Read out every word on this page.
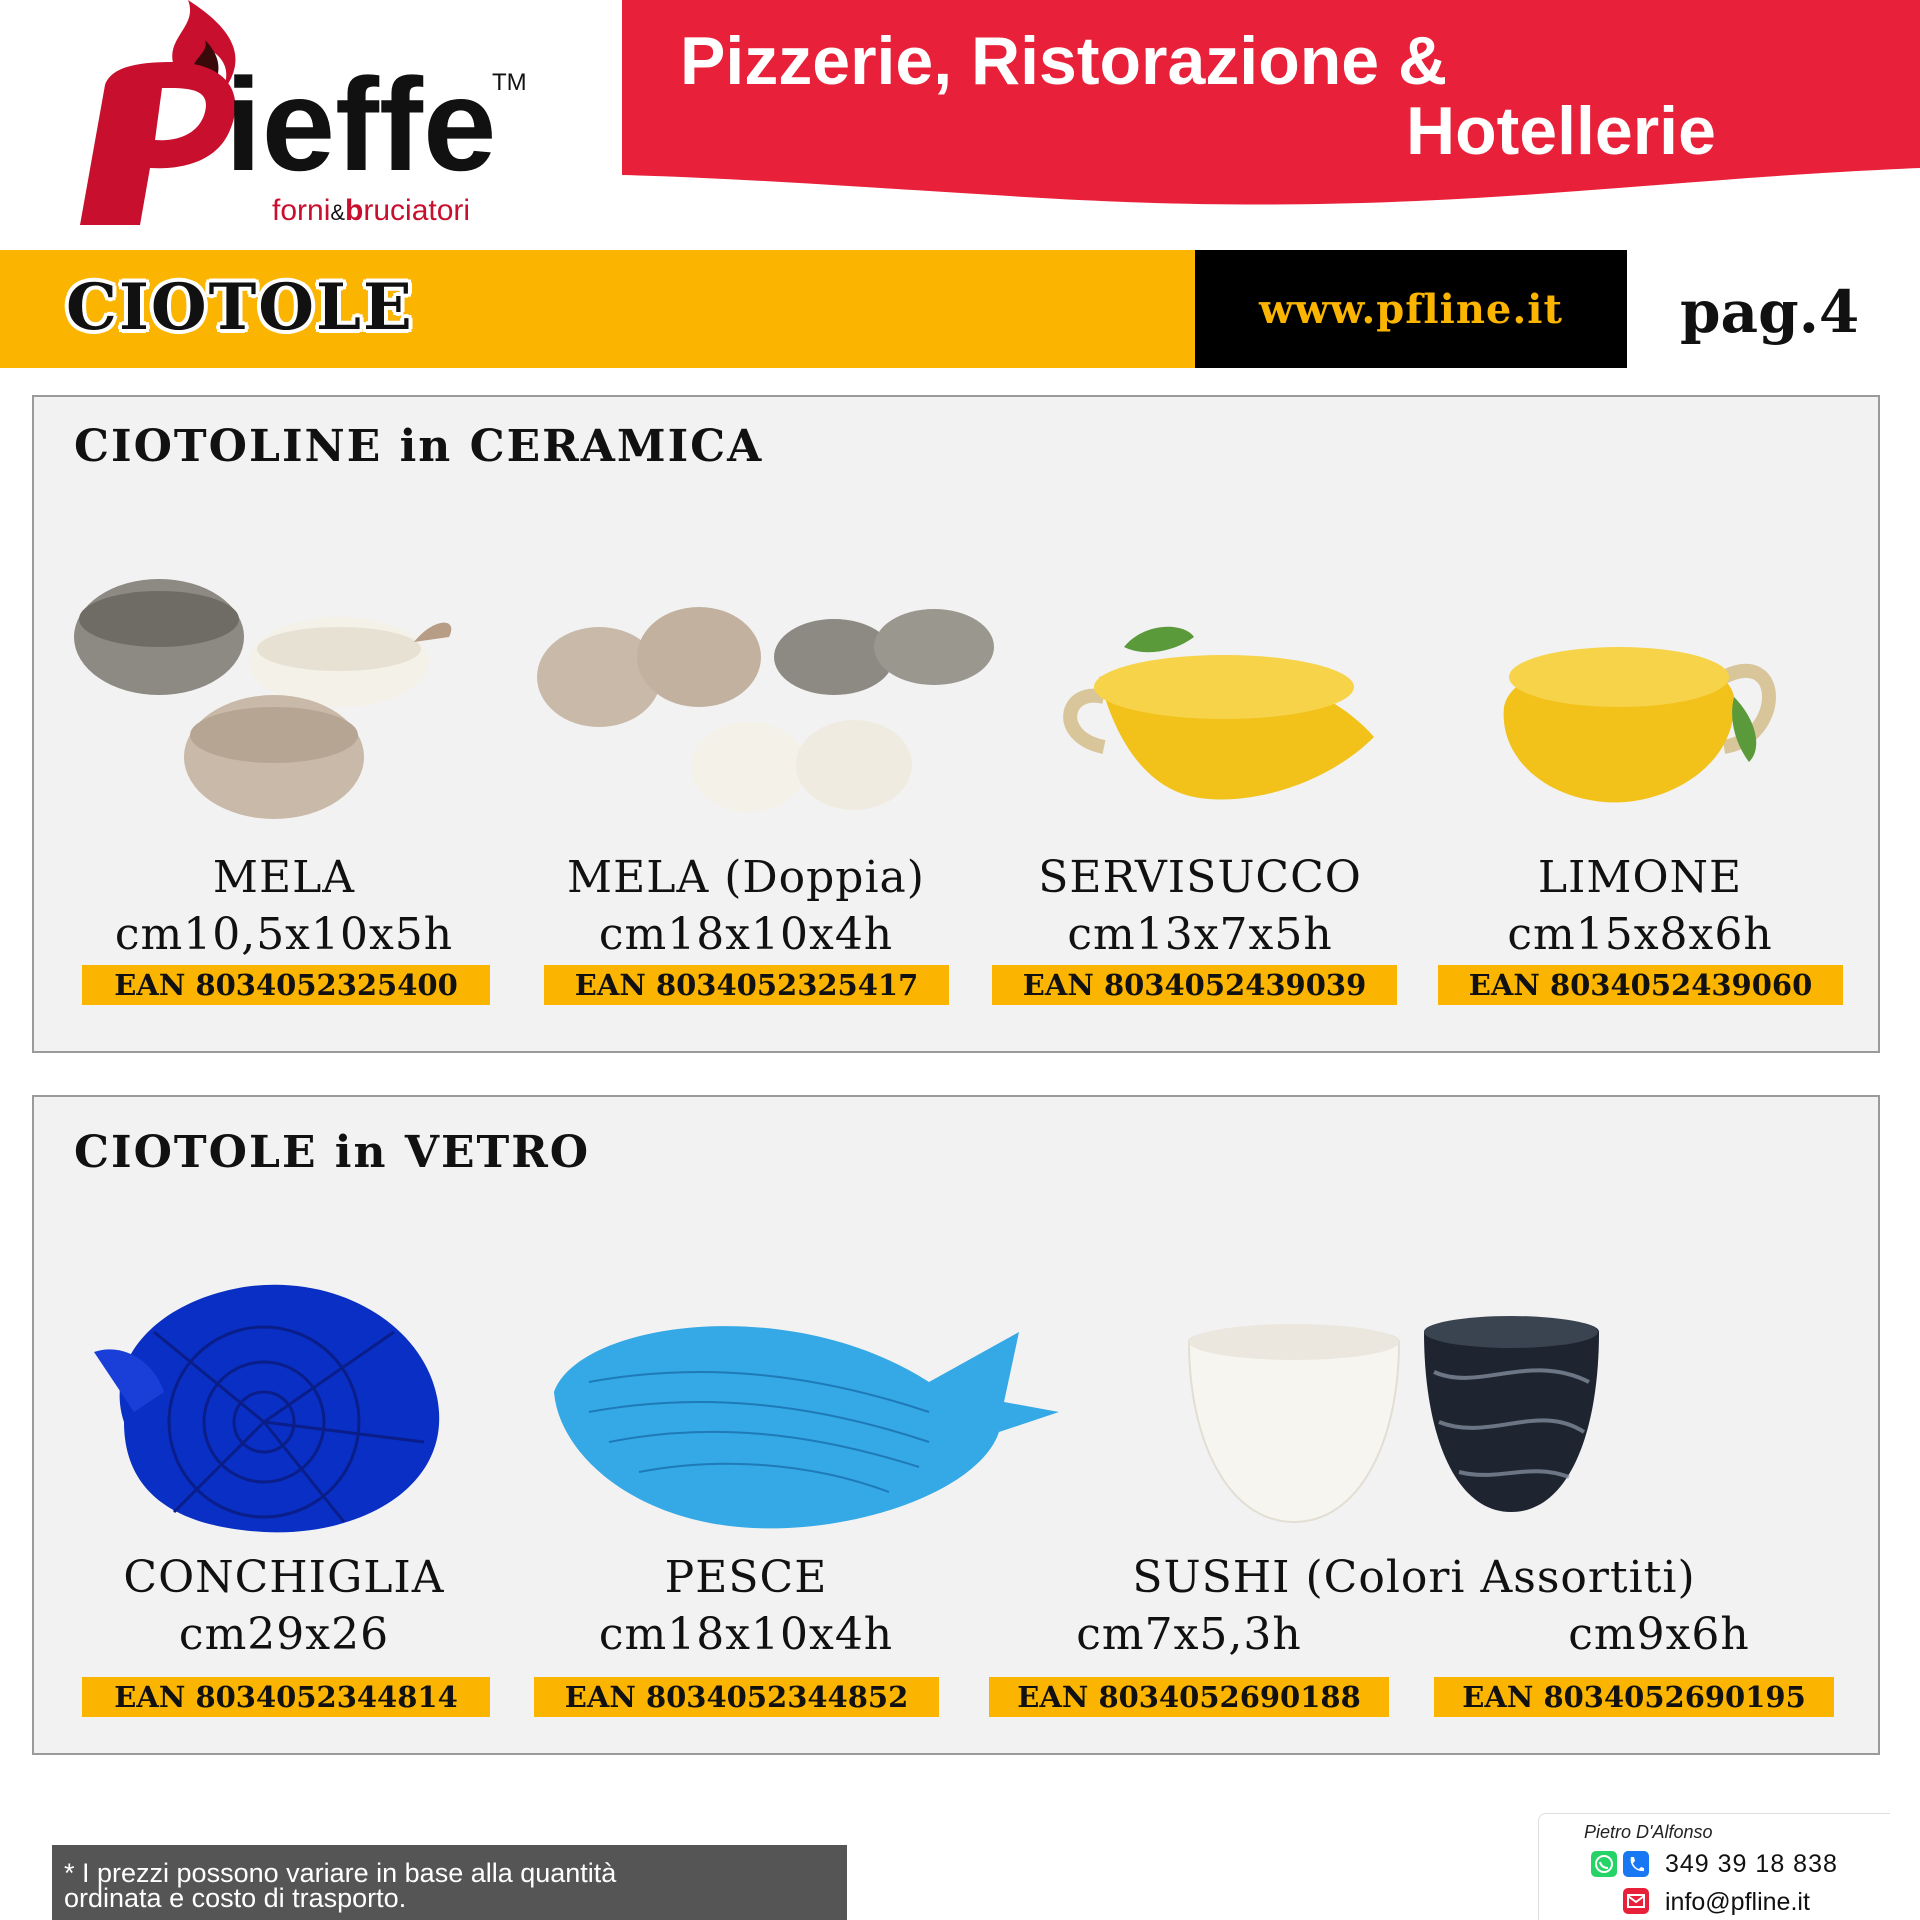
ieffe
TM
forni&bruciatori
Pizzerie, Ristorazione &
Hotellerie
CIOTOLE	www.pfline.it	pag.4
CIOTOLINE in CERAMICA
MELA
cm10,5x10x5h
EAN 8034052325400
MELA (Doppia)
cm18x10x4h
EAN 8034052325417
SERVISUCCO
cm13x7x5h
EAN 8034052439039
LIMONE
cm15x8x6h
EAN 8034052439060
CIOTOLE in VETRO
CONCHIGLIA
cm29x26
EAN 8034052344814
PESCE
cm18x10x4h
EAN 8034052344852
SUSHI (Colori Assortiti)
cm7x5,3h	cm9x6h
EAN 8034052690188	EAN 8034052690195
* I prezzi possono variare in base alla quantità
ordinata e costo di trasporto.
Pietro D'Alfonso
349 39 18 838
info@pfline.it
